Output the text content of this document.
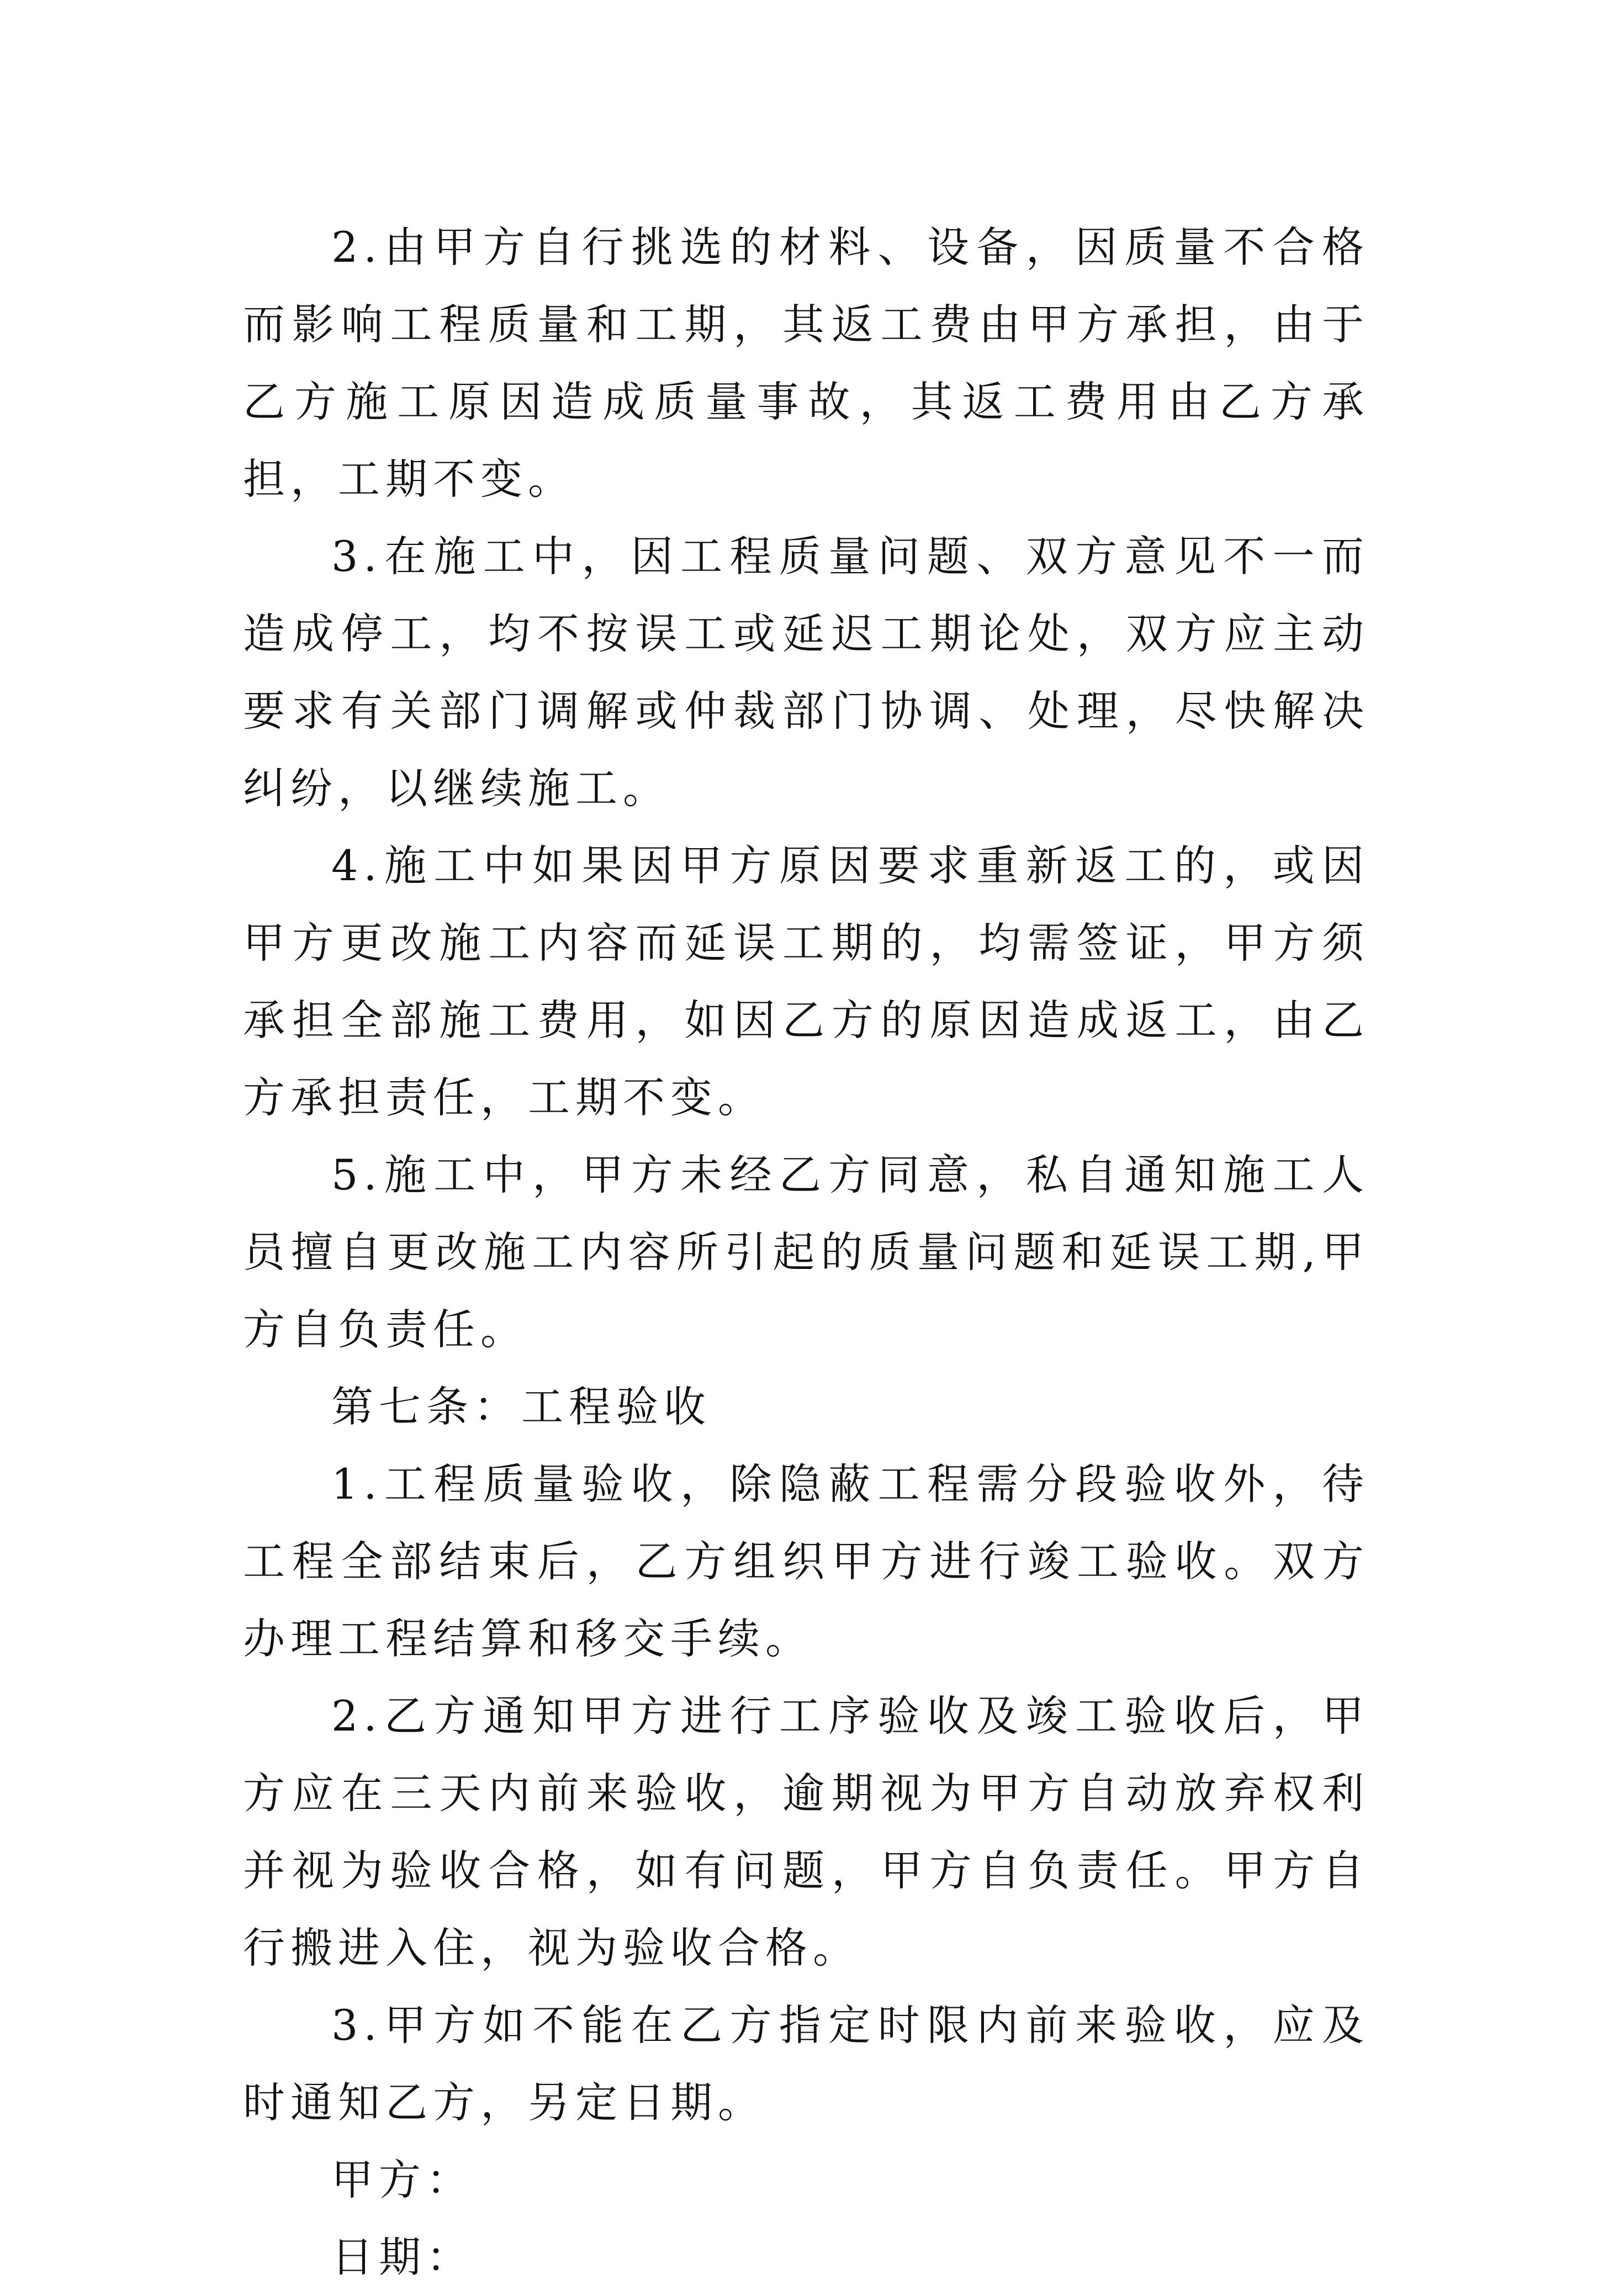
2.由甲方自行挑选的材料、设备，因质量不合格而影响工程质量和工期，其返工费由甲方承担，由于乙方施工原因造成质量事故，其返工费用由乙方承担，工期不变。

3.在施工中，因工程质量问题、双方意见不一而造成停工，均不按误工或延迟工期论处，双方应主动要求有关部门调解或仲裁部门协调、处理，尽快解决纠纷，以继续施工。

4.施工中如果因甲方原因要求重新返工的，或因甲方更改施工内容而延误工期的，均需签证，甲方须承担全部施工费用，如因乙方的原因造成返工，由乙方承担责任，工期不变。

5.施工中，甲方未经乙方同意，私自通知施工人员擅自更改施工内容所引起的质量问题和延误工期,甲方自负责任。

第七条：工程验收

1.工程质量验收，除隐蔽工程需分段验收外，待工程全部结束后，乙方组织甲方进行竣工验收。双方办理工程结算和移交手续。

2.乙方通知甲方进行工序验收及竣工验收后，甲方应在三天内前来验收，逾期视为甲方自动放弃权利并视为验收合格，如有问题，甲方自负责任。甲方自行搬进入住，视为验收合格。

3.甲方如不能在乙方指定时限内前来验收，应及时通知乙方，另定日期。

甲方：

日期：
